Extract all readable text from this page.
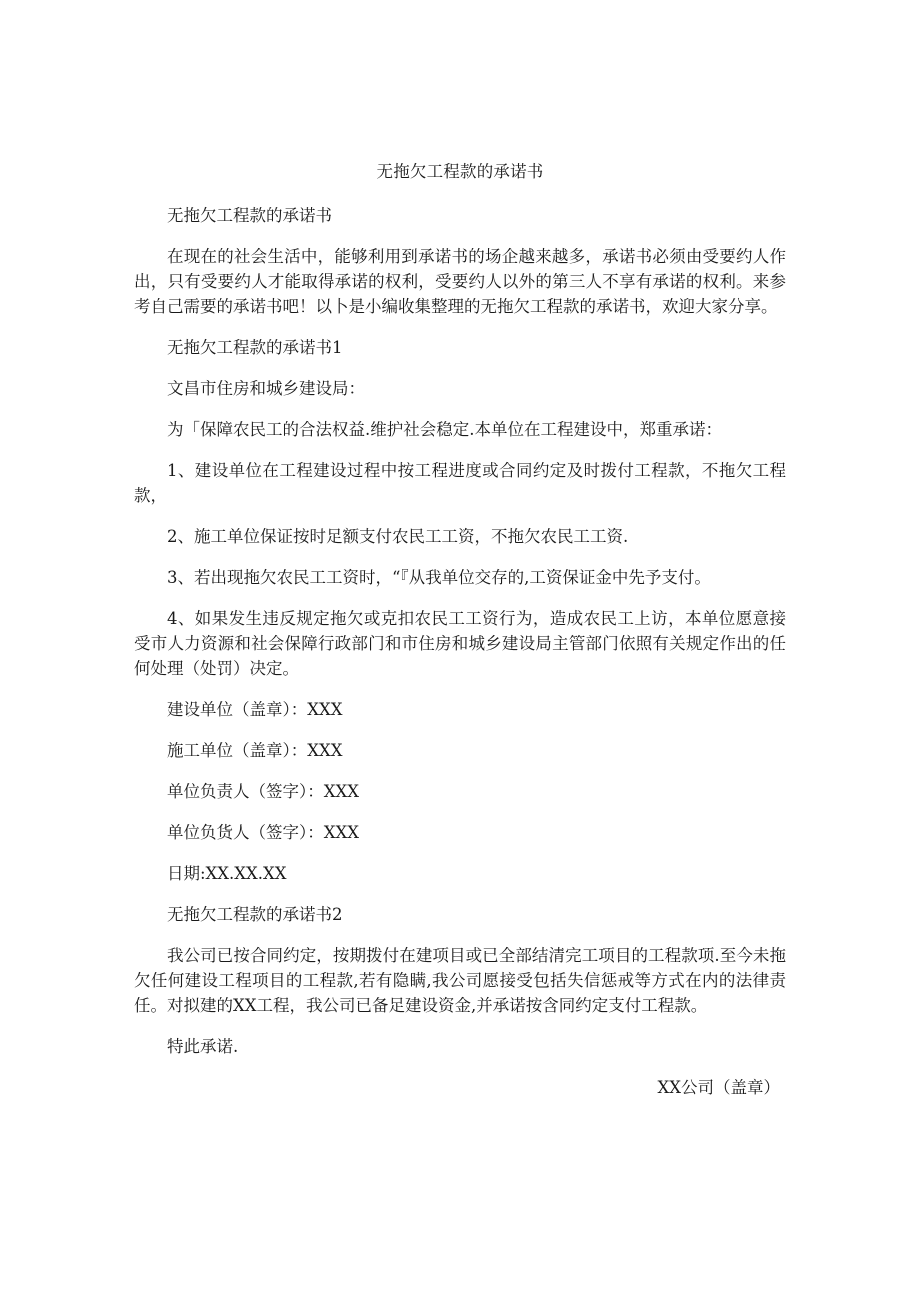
无拖欠工程款的承诺书

无拖欠工程款的承诺书

在现在的社会生活中，能够利用到承诺书的场企越来越多，承诺书必须由受要约人作出，只有受要约人才能取得承诺的权利，受要约人以外的第三人不享有承诺的权利。来参考自己需要的承诺书吧！以卜是小编收集整理的无拖欠工程款的承诺书，欢迎大家分享。

无拖欠工程款的承诺书1

文昌市住房和城乡建设局：

为「保障农民工的合法权益.维护社会稳定.本单位在工程建设中，郑重承诺：

1、建设单位在工程建设过程中按工程进度或合同约定及时拨付工程款，不拖欠工程款，

2、施工单位保证按时足额支付农民工工资，不拖欠农民工工资.

3、若出现拖欠农民工工资时，“『从我单位交存的,工资保证金中先予支付。

4、如果发生违反规定拖欠或克扣农民工工资行为，造成农民工上访，本单位愿意接受市人力资源和社会保障行政部门和市住房和城乡建设局主管部门依照有关规定作出的任何处理（处罚）决定。

建设单位（盖章）：XXX

施工单位（盖章）：XXX

单位负责人（签字）：XXX

单位负货人（签字）：XXX

日期:XX.XX.XX

无拖欠工程款的承诺书2

我公司已按合同约定，按期拨付在建项目或已全部结清完工项目的工程款项.至今未拖欠任何建设工程项目的工程款,若有隐瞒,我公司愿接受包括失信惩戒等方式在内的法律责任。对拟建的XX工程，我公司已备足建设资金,并承诺按含同约定支付工程款。

特此承诺.

XX公司（盖章）
